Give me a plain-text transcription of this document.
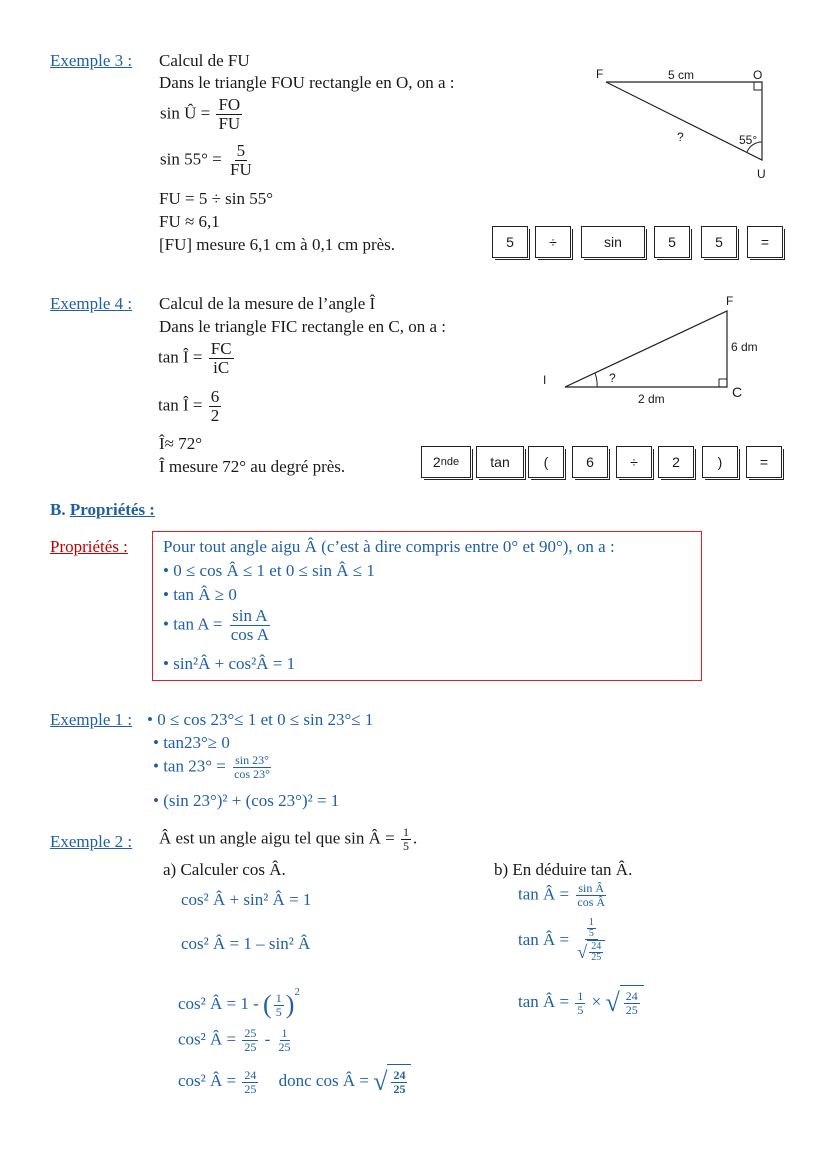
Exemple 3 : Calcul de FU
Dans le triangle FOU rectangle en O, on a :
sin Û = $\frac{FO}{FU}$
$\sin 55^\circ = \frac{5}{FU}$
FU = 5 ÷ sin 55°
FU ≈ 6,1
[FU] mesure 6,1 cm à 0,1 cm près.	5	÷	sin	5	5	=
F	O
U
5 cm
?	55°
Exemple 4 : Calcul de la mesure de l’angle Î
Dans le triangle FIC rectangle en C, on a :
tan Î = $\frac{FC}{iC}$
tan Î = $\frac{6}{2}$
Î≈ 72°
Î mesure 72° au degré près.	2 nde	tan	(	6	÷	2	)	=
F
I
C
6 dm
2 dm
?
B. Propriétés :
Propriétés : Pour tout angle aigu Â (c’est à dire compris entre 0° et 90°), on a :
• 0 ≤ cos Â ≤ 1 et 0 ≤ sin Â ≤ 1
• tan Â ≥ 0
• $\tan A = \frac{\text{sin A}}{\text{cos A}}$
• sin²Â + cos²Â = 1
Exemple 1 : • 0 ≤ cos 23°≤ 1 et 0 ≤ sin 23°≤ 1
• tan23°≥ 0
• $\tan 23^\circ = \frac{\sin 23^\circ}{\cos 23^\circ}$
• (sin 23°)² + (cos 23°)² = 1
Exemple 2 : Â est un angle aigu tel que sin Â = $\frac{1}{5}$ .
a) Calculer cos Â.
cos² Â + sin² Â = 1
cos² Â = 1 – sin² Â
cos² Â = 1 - ( $\frac{1}{5} )^2$
cos² Â = $\frac{25}{25} - \frac{1}{25}$
cos² Â = $\frac{24}{25}$ donc cos Â = √ $\frac{24}{25}$
b) En déduire tan Â.
tan Â = $\frac{\text{sin Â}}{\text{cos Â}}$
tan Â = $\frac{\frac{1}{5}}{√ \frac{24}{25}}$
tan Â = $\frac{1}{5}$ × √ $\frac{24}{25}$
